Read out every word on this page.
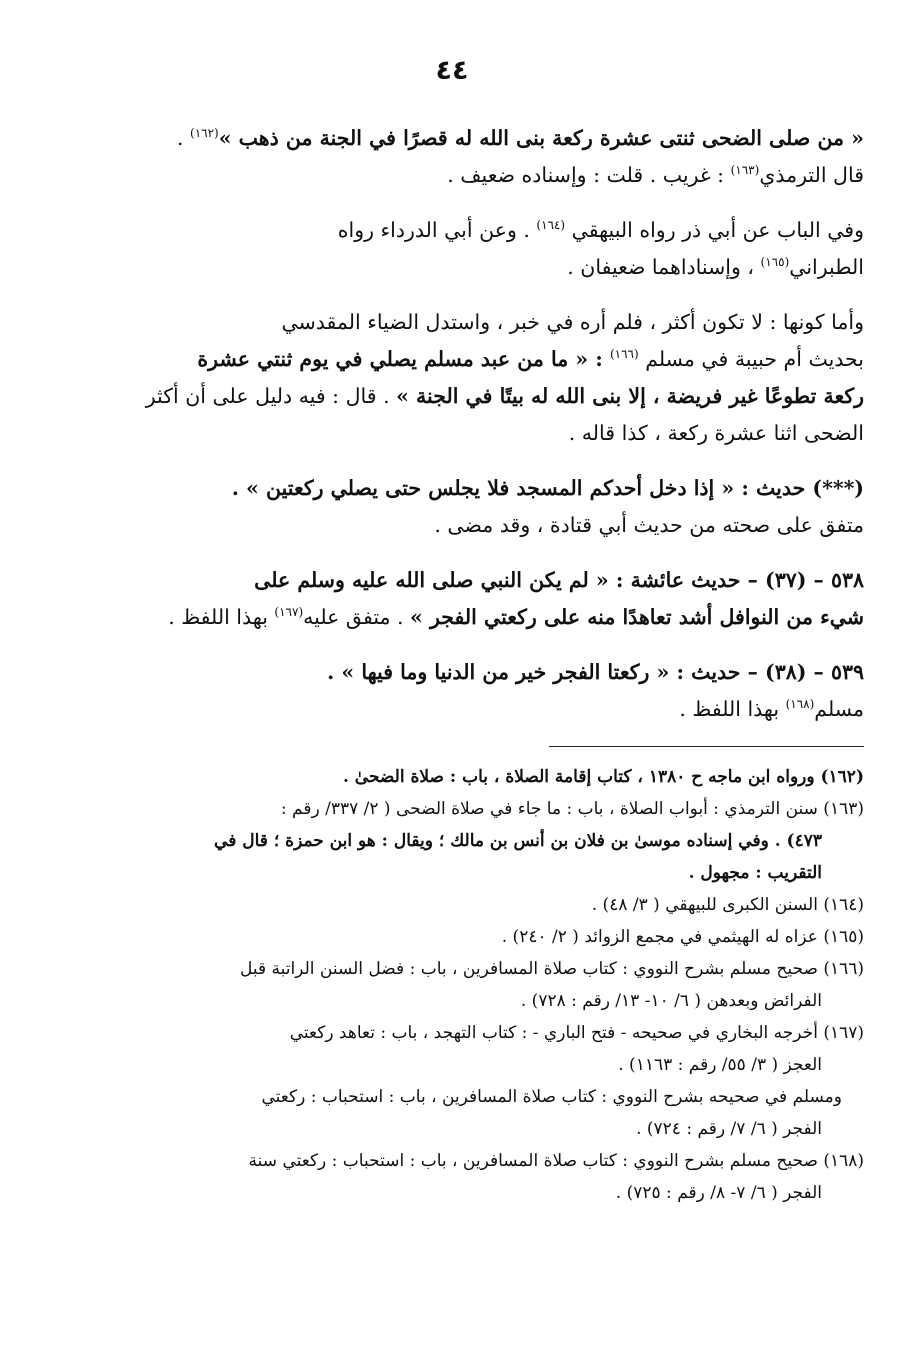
٤٤
« من صلى الضحى ثنتى عشرة ركعة بنى الله له قصرًا في الجنة من ذهب »$^{(١٦٢)}$ .
قال الترمذي$^{(١٦٣)}$ : غريب . قلت : وإسناده ضعيف .
وفي الباب عن أبي ذر رواه البيهقي $^{(١٦٤)}$ . وعن أبي الدرداء رواه
الطبراني$^{(١٦٥)}$ ، وإسناداهما ضعيفان .
وأما كونها : لا تكون أكثر ، فلم أره في خبر ، واستدل الضياء المقدسي
بحديث أم حبيبة في مسلم $^{(١٦٦)}$ : « ما من عبد مسلم يصلي في يوم ثنتي عشرة
ركعة تطوعًا غير فريضة ، إلا بنى الله له بيتًا في الجنة » . قال : فيه دليل على أن أكثر
الضحى اثنا عشرة ركعة ، كذا قاله .
(***) حديث : « إذا دخل أحدكم المسجد فلا يجلس حتى يصلي ركعتين » .
متفق على صحته من حديث أبي قتادة ، وقد مضى .
٥٣٨ – (٣٧) – حديث عائشة : « لم يكن النبي صلى الله عليه وسلم على
شيء من النوافل أشد تعاهدًا منه على ركعتي الفجر » . متفق عليه$^{(١٦٧)}$ بهذا اللفظ .
٥٣٩ – (٣٨) – حديث : « ركعتا الفجر خير من الدنيا وما فيها » .
مسلم$^{(١٦٨)}$ بهذا اللفظ .
(١٦٢) ورواه ابن ماجه ح ١٣٨٠ ، كتاب إقامة الصلاة ، باب : صلاة الضحىٰ .
(١٦٣) سنن الترمذي : أبواب الصلاة ، باب : ما جاء في صلاة الضحى ( ٢/ ٣٣٧/ رقم :
٤٧٣) . وفي إسناده موسىٰ بن فلان بن أنس بن مالك ؛ ويقال : هو ابن حمزة ؛ قال في
التقريب : مجهول .
(١٦٤) السنن الكبرى للبيهقي ( ٣/ ٤٨) .
(١٦٥) عزاه له الهيثمي في مجمع الزوائد ( ٢/ ٢٤٠) .
(١٦٦) صحيح مسلم بشرح النووي : كتاب صلاة المسافرين ، باب : فضل السنن الراتبة قبل
الفرائض وبعدهن ( ٦/ ١٠- ١٣/ رقم : ٧٢٨) .
(١٦٧) أخرجه البخاري في صحيحه - فتح الباري - : كتاب التهجد ، باب : تعاهد ركعتي
العجز ( ٣/ ٥٥/ رقم : ١١٦٣) .
ومسلم في صحيحه بشرح النووي : كتاب صلاة المسافرين ، باب : استحباب : ركعتي
الفجر ( ٦/ ٧/ رقم : ٧٢٤) .
(١٦٨) صحيح مسلم بشرح النووي : كتاب صلاة المسافرين ، باب : استحباب : ركعتي سنة
الفجر ( ٦/ ٧- ٨/ رقم : ٧٢٥) .
